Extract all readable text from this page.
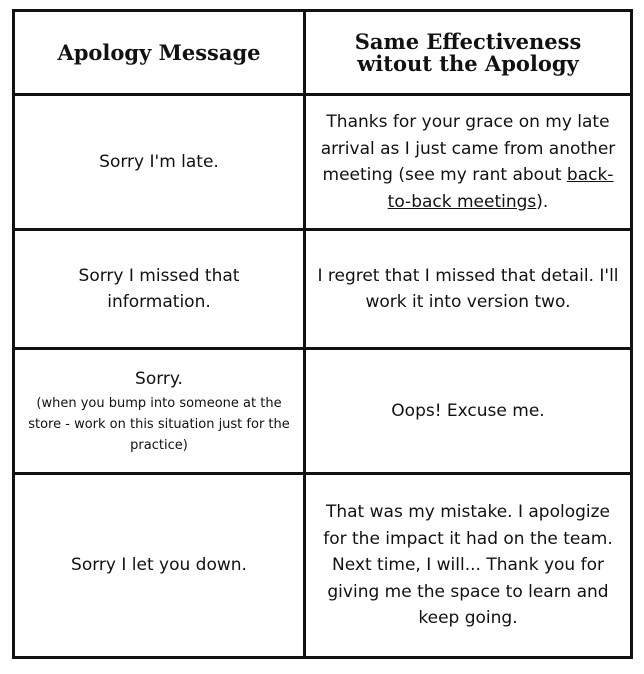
Apology Message	Same Effectiveness
witout the Apology
Sorry I'm late.

Thanks for your grace on my late arrival as I just came from another meeting (see my rant about back-to-back meetings).

Sorry I missed that information.
I regret that I missed that detail. I'll work it into version two.
Sorry.
(when you bump into someone at the store - work on this situation just for the practice)
Oops! Excuse me.
Sorry I let you down.
That was my mistake. I apologize for the impact it had on the team. Next time, I will... Thank you for giving me the space to learn and keep going.
